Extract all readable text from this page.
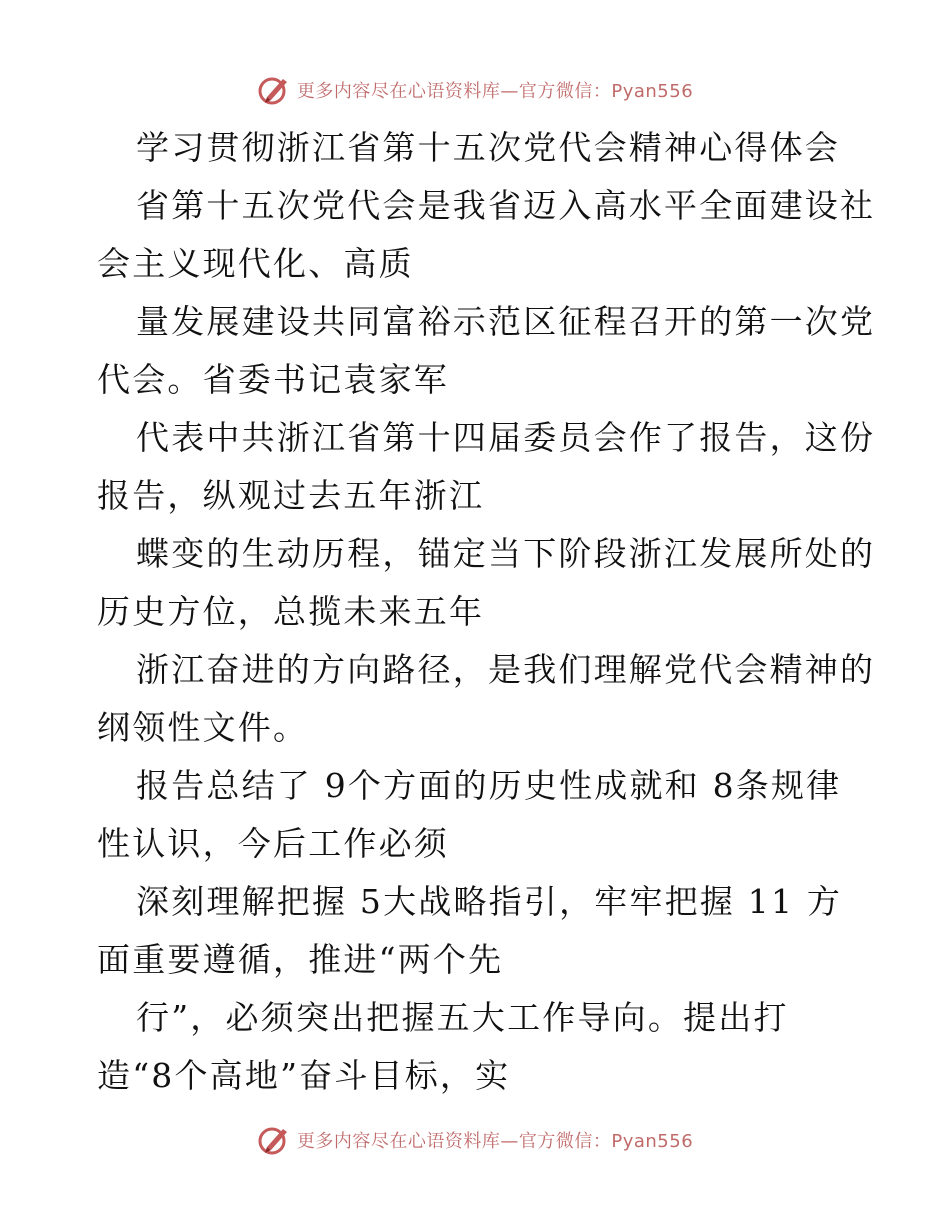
更多内容尽在心语资料库—官方微信：Pyan556
学习贯彻浙江省第十五次党代会精神心得体会
省第十五次党代会是我省迈入高水平全面建设社
会主义现代化、高质
量发展建设共同富裕示范区征程召开的第一次党
代会。省委书记袁家军
代表中共浙江省第十四届委员会作了报告，这份
报告，纵观过去五年浙江
蝶变的生动历程，锚定当下阶段浙江发展所处的
历史方位，总揽未来五年
浙江奋进的方向路径，是我们理解党代会精神的
纲领性文件。
报告总结了 9个方面的历史性成就和 8条规律
性认识，今后工作必须
深刻理解把握 5大战略指引，牢牢把握 11 方
面重要遵循，推进“两个先
行”，必须突出把握五大工作导向。提出打
造“8个高地”奋斗目标，实
更多内容尽在心语资料库—官方微信：Pyan556
